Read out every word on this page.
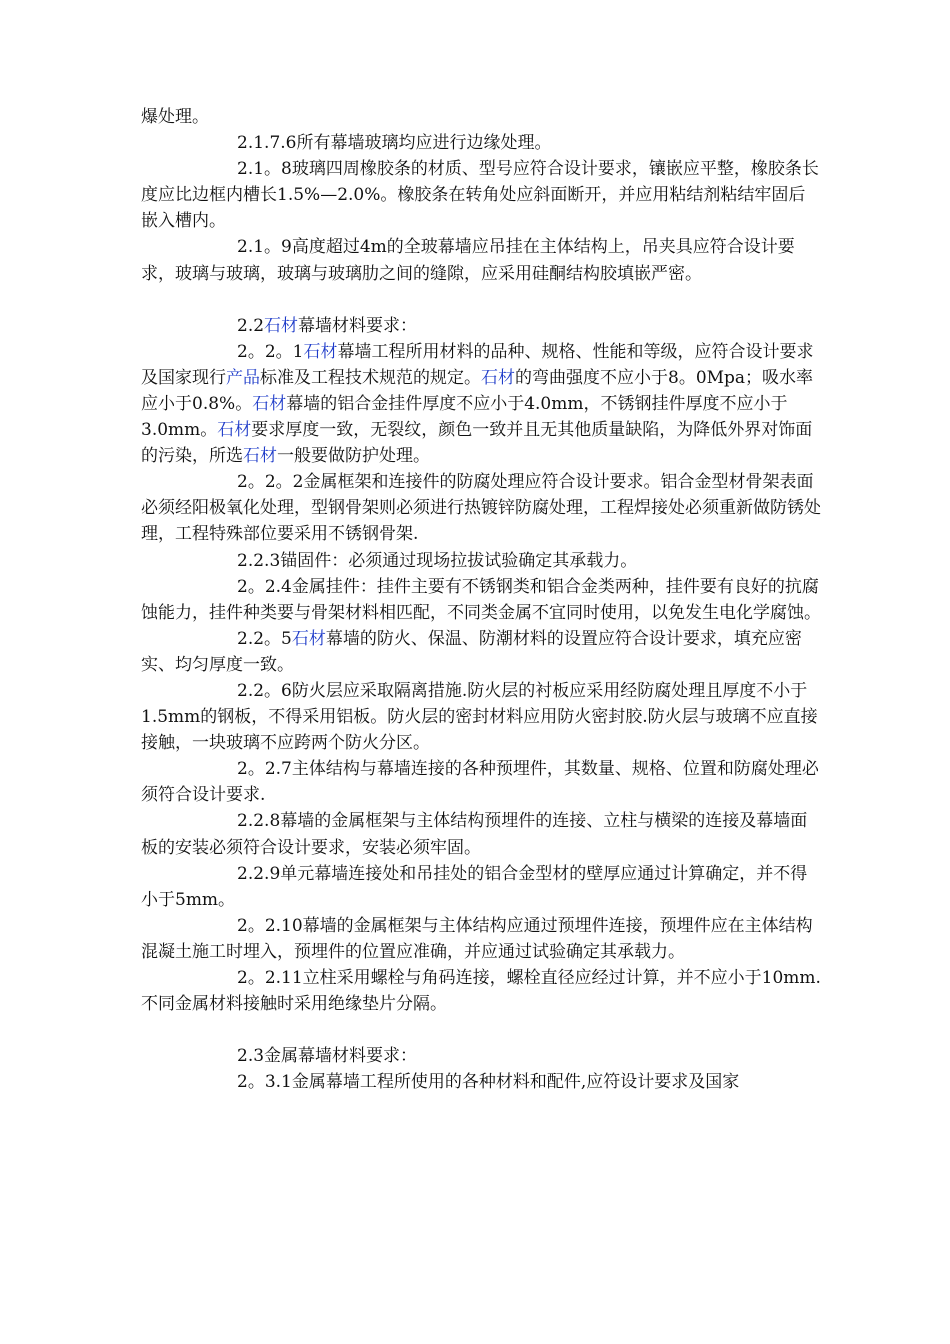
爆处理。

2.1.7.6所有幕墙玻璃均应进行边缘处理。

2.1。8玻璃四周橡胶条的材质、型号应符合设计要求，镶嵌应平整，橡胶条长度应比边框内槽长1.5%—2.0%。橡胶条在转角处应斜面断开，并应用粘结剂粘结牢固后嵌入槽内。

2.1。9高度超过4m的全玻幕墙应吊挂在主体结构上，吊夹具应符合设计要求，玻璃与玻璃，玻璃与玻璃肋之间的缝隙，应采用硅酮结构胶填嵌严密。

2.2石材幕墙材料要求：

2。2。1石材幕墙工程所用材料的品种、规格、性能和等级，应符合设计要求及国家现行产品标准及工程技术规范的规定。石材的弯曲强度不应小于8。0Mpa；吸水率应小于0.8%。石材幕墙的铝合金挂件厚度不应小于4.0mm，不锈钢挂件厚度不应小于3.0mm。石材要求厚度一致，无裂纹，颜色一致并且无其他质量缺陷，为降低外界对饰面的污染，所选石材一般要做防护处理。

2。2。2金属框架和连接件的防腐处理应符合设计要求。铝合金型材骨架表面必须经阳极氧化处理，型钢骨架则必须进行热镀锌防腐处理，工程焊接处必须重新做防锈处理，工程特殊部位要采用不锈钢骨架.

2.2.3锚固件：必须通过现场拉拔试验确定其承载力。

2。2.4金属挂件：挂件主要有不锈钢类和铝合金类两种，挂件要有良好的抗腐蚀能力，挂件种类要与骨架材料相匹配，不同类金属不宜同时使用，以免发生电化学腐蚀。

2.2。5石材幕墙的防火、保温、防潮材料的设置应符合设计要求，填充应密实、均匀厚度一致。

2.2。6防火层应采取隔离措施.防火层的衬板应采用经防腐处理且厚度不小于1.5mm的钢板，不得采用铝板。防火层的密封材料应用防火密封胶.防火层与玻璃不应直接接触，一块玻璃不应跨两个防火分区。

2。2.7主体结构与幕墙连接的各种预埋件，其数量、规格、位置和防腐处理必须符合设计要求.

2.2.8幕墙的金属框架与主体结构预埋件的连接、立柱与横梁的连接及幕墙面板的安装必须符合设计要求，安装必须牢固。

2.2.9单元幕墙连接处和吊挂处的铝合金型材的壁厚应通过计算确定，并不得小于5mm。

2。2.10幕墙的金属框架与主体结构应通过预埋件连接，预埋件应在主体结构混凝土施工时埋入，预埋件的位置应准确，并应通过试验确定其承载力。

2。2.11立柱采用螺栓与角码连接，螺栓直径应经过计算，并不应小于10mm.不同金属材料接触时采用绝缘垫片分隔。

2.3金属幕墙材料要求：

2。3.1金属幕墙工程所使用的各种材料和配件,应符设计要求及国家
